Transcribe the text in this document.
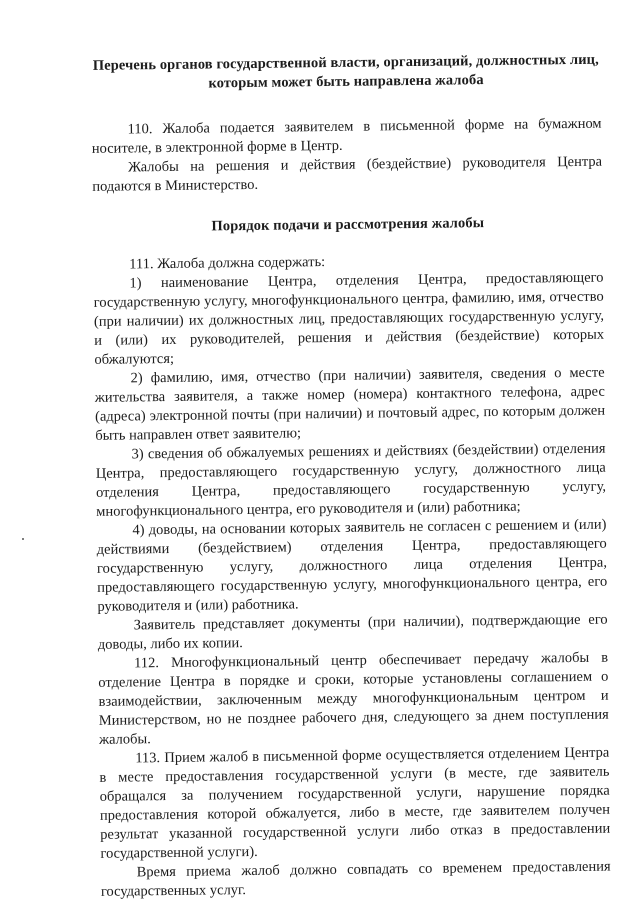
Перечень органов государственной власти, организаций, должностных лиц, которым может быть направлена жалоба

110. Жалоба подается заявителем в письменной форме на бумажном носителе, в электронной форме в Центр.

Жалобы на решения и действия (бездействие) руководителя Центра подаются в Министерство.

Порядок подачи и рассмотрения жалобы

111. Жалоба должна содержать:

1) наименование Центра, отделения Центра, предоставляющего государственную услугу, многофункционального центра, фамилию, имя, отчество (при наличии) их должностных лиц, предоставляющих государственную услугу, и (или) их руководителей, решения и действия (бездействие) которых обжалуются;

2) фамилию, имя, отчество (при наличии) заявителя, сведения о месте жительства заявителя, а также номер (номера) контактного телефона, адрес (адреса) электронной почты (при наличии) и почтовый адрес, по которым должен быть направлен ответ заявителю;

3) сведения об обжалуемых решениях и действиях (бездействии) отделения Центра, предоставляющего государственную услугу, должностного лица отделения Центра, предоставляющего государственную услугу, многофункционального центра, его руководителя и (или) работника;

4) доводы, на основании которых заявитель не согласен с решением и (или) действиями (бездействием) отделения Центра, предоставляющего государственную услугу, должностного лица отделения Центра, предоставляющего государственную услугу, многофункционального центра, его руководителя и (или) работника.

Заявитель представляет документы (при наличии), подтверждающие его доводы, либо их копии.

112. Многофункциональный центр обеспечивает передачу жалобы в отделение Центра в порядке и сроки, которые установлены соглашением о взаимодействии, заключенным между многофункциональным центром и Министерством, но не позднее рабочего дня, следующего за днем поступления жалобы.

113. Прием жалоб в письменной форме осуществляется отделением Центра в месте предоставления государственной услуги (в месте, где заявитель обращался за получением государственной услуги, нарушение порядка предоставления которой обжалуется, либо в месте, где заявителем получен результат указанной государственной услуги либо отказ в предоставлении государственной услуги).

Время приема жалоб должно совпадать со временем предоставления государственных услуг.
